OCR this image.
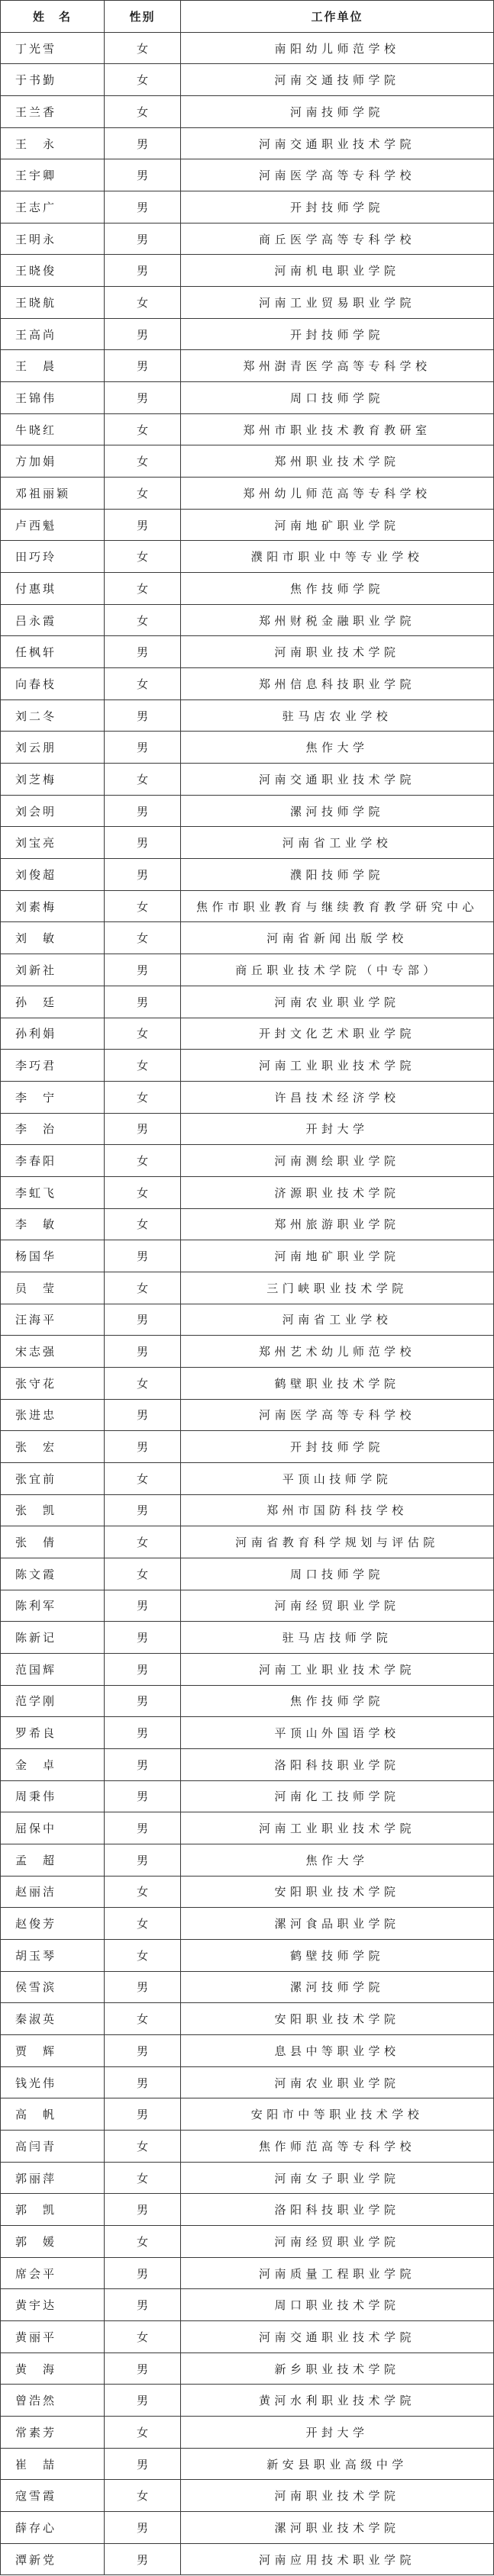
姓　名	性别	工作单位
丁光雪	女	南阳幼儿师范学校
于书勤	女	河南交通技师学院
王兰香	女	河南技师学院
王　永	男	河南交通职业技术学院
王宇卿	男	河南医学高等专科学校
王志广	男	开封技师学院
王明永	男	商丘医学高等专科学校
王晓俊	男	河南机电职业学院
王晓航	女	河南工业贸易职业学院
王高尚	男	开封技师学院
王　晨	男	郑州澍青医学高等专科学校
王锦伟	男	周口技师学院
牛晓红	女	郑州市职业技术教育教研室
方加娟	女	郑州职业技术学院
邓祖丽颖	女	郑州幼儿师范高等专科学校
卢西魁	男	河南地矿职业学院
田巧玲	女	濮阳市职业中等专业学校
付惠琪	女	焦作技师学院
吕永霞	女	郑州财税金融职业学院
任枫轩	男	河南职业技术学院
向春枝	女	郑州信息科技职业学院
刘二冬	男	驻马店农业学校
刘云朋	男	焦作大学
刘芝梅	女	河南交通职业技术学院
刘会明	男	漯河技师学院
刘宝亮	男	河南省工业学校
刘俊超	男	濮阳技师学院
刘素梅	女	焦作市职业教育与继续教育教学研究中心
刘　敏	女	河南省新闻出版学校
刘新社	男	商丘职业技术学院（中专部）
孙　廷	男	河南农业职业学院
孙利娟	女	开封文化艺术职业学院
李巧君	女	河南工业职业技术学院
李　宁	女	许昌技术经济学校
李　治	男	开封大学
李春阳	女	河南测绘职业学院
李虹飞	女	济源职业技术学院
李　敏	女	郑州旅游职业学院
杨国华	男	河南地矿职业学院
员　莹	女	三门峡职业技术学院
汪海平	男	河南省工业学校
宋志强	男	郑州艺术幼儿师范学校
张守花	女	鹤壁职业技术学院
张进忠	男	河南医学高等专科学校
张　宏	男	开封技师学院
张宜前	女	平顶山技师学院
张　凯	男	郑州市国防科技学校
张　倩	女	河南省教育科学规划与评估院
陈文霞	女	周口技师学院
陈利军	男	河南经贸职业学院
陈新记	男	驻马店技师学院
范国辉	男	河南工业职业技术学院
范学刚	男	焦作技师学院
罗希良	男	平顶山外国语学校
金　卓	男	洛阳科技职业学院
周秉伟	男	河南化工技师学院
屈保中	男	河南工业职业技术学院
孟　超	男	焦作大学
赵丽洁	女	安阳职业技术学院
赵俊芳	女	漯河食品职业学院
胡玉琴	女	鹤壁技师学院
侯雪滨	男	漯河技师学院
秦淑英	女	安阳职业技术学院
贾　辉	男	息县中等职业学校
钱光伟	男	河南农业职业学院
高　帆	男	安阳市中等职业技术学校
高闫青	女	焦作师范高等专科学校
郭丽萍	女	河南女子职业学院
郭　凯	男	洛阳科技职业学院
郭　媛	女	河南经贸职业学院
席会平	男	河南质量工程职业学院
黄宇达	男	周口职业技术学院
黄丽平	女	河南交通职业技术学院
黄　海	男	新乡职业技术学院
曾浩然	男	黄河水利职业技术学院
常素芳	女	开封大学
崔　喆	男	新安县职业高级中学
寇雪霞	女	河南职业技术学院
薛存心	男	漯河职业技术学院
潭新党	男	河南应用技术职业学院
